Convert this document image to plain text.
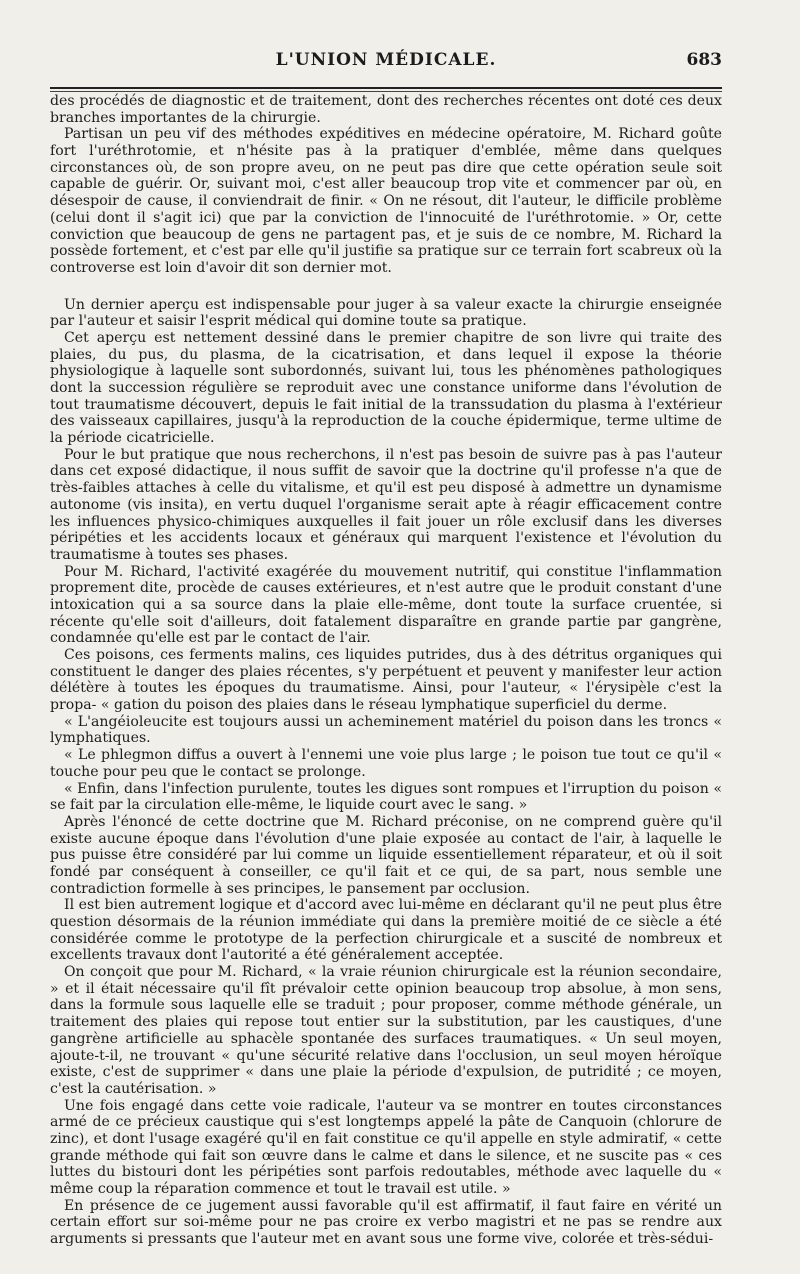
L'UNION MÉDICALE.	683

des procédés de diagnostic et de traitement, dont des recherches récentes ont doté ces deux branches importantes de la chirurgie.

Partisan un peu vif des méthodes expéditives en médecine opératoire, M. Richard goûte fort l'uréthrotomie, et n'hésite pas à la pratiquer d'emblée, même dans quelques circonstances où, de son propre aveu, on ne peut pas dire que cette opération seule soit capable de guérir. Or, suivant moi, c'est aller beaucoup trop vite et commencer par où, en désespoir de cause, il conviendrait de finir. « On ne résout, dit l'auteur, le difficile problème (celui dont il s'agit ici) que par la conviction de l'innocuité de l'uréthrotomie. » Or, cette conviction que beaucoup de gens ne partagent pas, et je suis de ce nombre, M. Richard la possède fortement, et c'est par elle qu'il justifie sa pratique sur ce terrain fort scabreux où la controverse est loin d'avoir dit son dernier mot.

Un dernier aperçu est indispensable pour juger à sa valeur exacte la chirurgie enseignée par l'auteur et saisir l'esprit médical qui domine toute sa pratique.

Cet aperçu est nettement dessiné dans le premier chapitre de son livre qui traite des plaies, du pus, du plasma, de la cicatrisation, et dans lequel il expose la théorie physiologique à laquelle sont subordonnés, suivant lui, tous les phénomènes pathologiques dont la succession régulière se reproduit avec une constance uniforme dans l'évolution de tout traumatisme découvert, depuis le fait initial de la transsudation du plasma à l'extérieur des vaisseaux capillaires, jusqu'à la reproduction de la couche épidermique, terme ultime de la période cicatricielle.

Pour le but pratique que nous recherchons, il n'est pas besoin de suivre pas à pas l'auteur dans cet exposé didactique, il nous suffit de savoir que la doctrine qu'il professe n'a que de très-faibles attaches à celle du vitalisme, et qu'il est peu disposé à admettre un dynamisme autonome (vis insita), en vertu duquel l'organisme serait apte à réagir efficacement contre les influences physico-chimiques auxquelles il fait jouer un rôle exclusif dans les diverses péripéties et les accidents locaux et généraux qui marquent l'existence et l'évolution du traumatisme à toutes ses phases.

Pour M. Richard, l'activité exagérée du mouvement nutritif, qui constitue l'inflammation proprement dite, procède de causes extérieures, et n'est autre que le produit constant d'une intoxication qui a sa source dans la plaie elle-même, dont toute la surface cruentée, si récente qu'elle soit d'ailleurs, doit fatalement disparaître en grande partie par gangrène, condamnée qu'elle est par le contact de l'air.

Ces poisons, ces ferments malins, ces liquides putrides, dus à des détritus organiques qui constituent le danger des plaies récentes, s'y perpétuent et peuvent y manifester leur action délétère à toutes les époques du traumatisme. Ainsi, pour l'auteur, « l'érysipèle c'est la propa- « gation du poison des plaies dans le réseau lymphatique superficiel du derme.

« L'angéioleucite est toujours aussi un acheminement matériel du poison dans les troncs « lymphatiques.

« Le phlegmon diffus a ouvert à l'ennemi une voie plus large ; le poison tue tout ce qu'il « touche pour peu que le contact se prolonge.

« Enfin, dans l'infection purulente, toutes les digues sont rompues et l'irruption du poison « se fait par la circulation elle-même, le liquide court avec le sang. »

Après l'énoncé de cette doctrine que M. Richard préconise, on ne comprend guère qu'il existe aucune époque dans l'évolution d'une plaie exposée au contact de l'air, à laquelle le pus puisse être considéré par lui comme un liquide essentiellement réparateur, et où il soit fondé par conséquent à conseiller, ce qu'il fait et ce qui, de sa part, nous semble une contradiction formelle à ses principes, le pansement par occlusion.

Il est bien autrement logique et d'accord avec lui-même en déclarant qu'il ne peut plus être question désormais de la réunion immédiate qui dans la première moitié de ce siècle a été considérée comme le prototype de la perfection chirurgicale et a suscité de nombreux et excellents travaux dont l'autorité a été généralement acceptée.

On conçoit que pour M. Richard, « la vraie réunion chirurgicale est la réunion secondaire, » et il était nécessaire qu'il fît prévaloir cette opinion beaucoup trop absolue, à mon sens, dans la formule sous laquelle elle se traduit ; pour proposer, comme méthode générale, un traitement des plaies qui repose tout entier sur la substitution, par les caustiques, d'une gangrène artificielle au sphacèle spontanée des surfaces traumatiques. « Un seul moyen, ajoute-t-il, ne trouvant « qu'une sécurité relative dans l'occlusion, un seul moyen héroïque existe, c'est de supprimer « dans une plaie la période d'expulsion, de putridité ; ce moyen, c'est la cautérisation. »

Une fois engagé dans cette voie radicale, l'auteur va se montrer en toutes circonstances armé de ce précieux caustique qui s'est longtemps appelé la pâte de Canquoin (chlorure de zinc), et dont l'usage exagéré qu'il en fait constitue ce qu'il appelle en style admiratif, « cette grande méthode qui fait son œuvre dans le calme et dans le silence, et ne suscite pas « ces luttes du bistouri dont les péripéties sont parfois redoutables, méthode avec laquelle du « même coup la réparation commence et tout le travail est utile. »

En présence de ce jugement aussi favorable qu'il est affirmatif, il faut faire en vérité un certain effort sur soi-même pour ne pas croire ex verbo magistri et ne pas se rendre aux arguments si pressants que l'auteur met en avant sous une forme vive, colorée et très-sédui-
